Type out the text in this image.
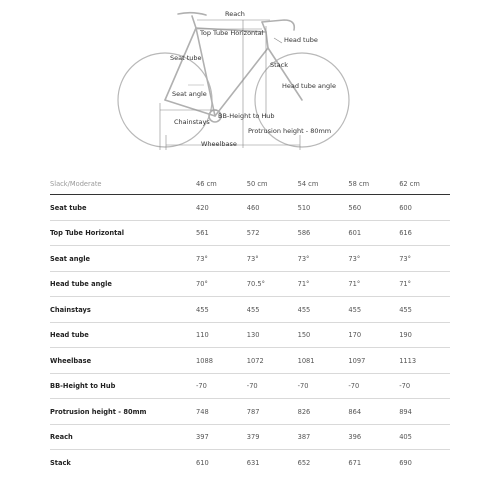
Reach
Top Tube Horizontal
Head tube
Seat tube
Stack
Head tube angle
Seat angle
Chainstays
BB-Height to Hub
Protrusion height - 80mm
Wheelbase
Slack/Moderate	46 cm	50 cm	54 cm	58 cm	62 cm
Seat tube	420	460	510	560	600
Top Tube Horizontal	561	572	586	601	616
Seat angle	73°	73°	73°	73°	73°
Head tube angle	70°	70.5°	71°	71°	71°
Chainstays	455	455	455	455	455
Head tube	110	130	150	170	190
Wheelbase	1088	1072	1081	1097	1113
BB-Height to Hub	-70	-70	-70	-70	-70
Protrusion height - 80mm	748	787	826	864	894
Reach	397	379	387	396	405
Stack	610	631	652	671	690
